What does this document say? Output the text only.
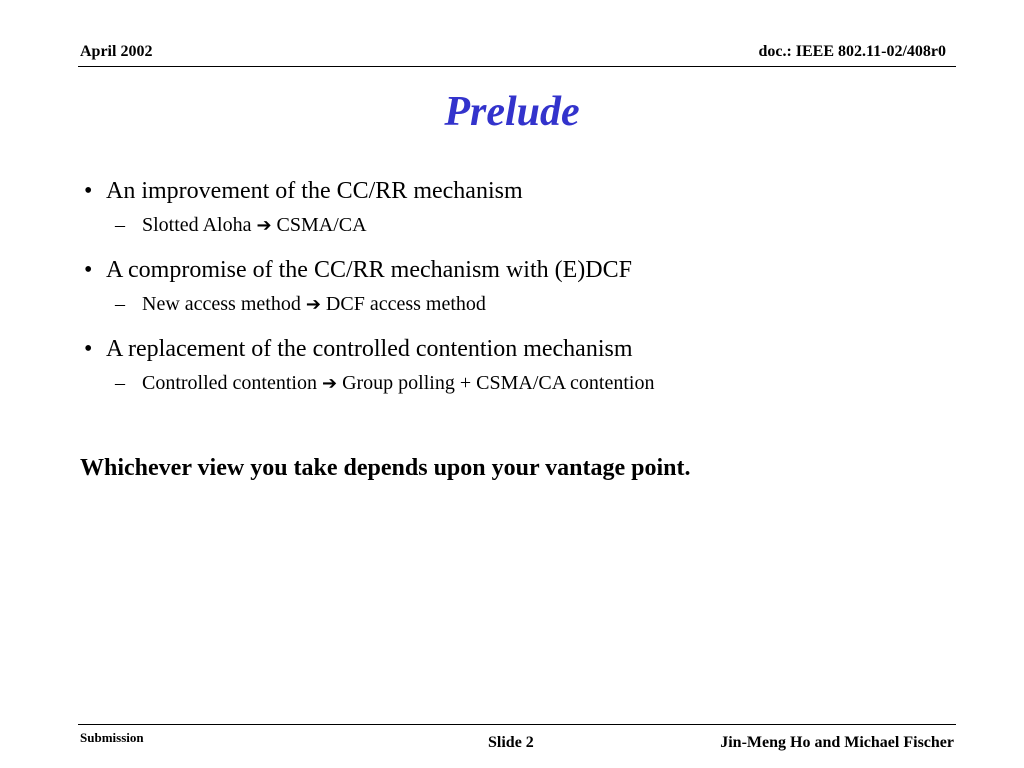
April 2002	doc.: IEEE 802.11-02/408r0
Prelude
• An improvement of the CC/RR mechanism
– Slotted Aloha ➔ CSMA/CA
• A compromise of the CC/RR mechanism with (E)DCF
– New access method ➔ DCF access method
• A replacement of the controlled contention mechanism
– Controlled contention ➔ Group polling + CSMA/CA contention
Whichever view you take depends upon your vantage point.
Submission	Slide 2	Jin-Meng Ho and Michael Fischer
